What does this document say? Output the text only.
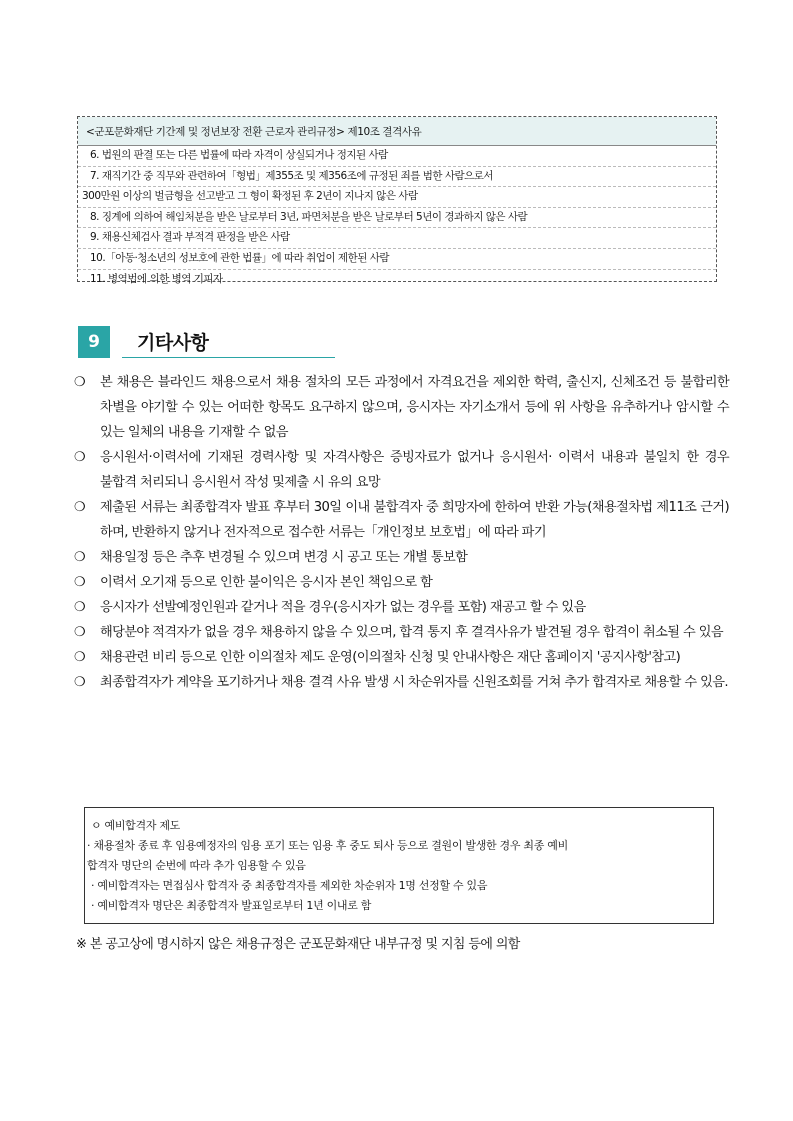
<군포문화재단 기간제 및 정년보장 전환 근로자 관리규정> 제10조 결격사유
6. 법원의 판결 또는 다른 법률에 따라 자격이 상실되거나 정지된 사람
7. 재직기간 중 직무와 관련하여「형법」제355조 및 제356조에 규정된 죄를 범한 사람으로서
300만원 이상의 벌금형을 선고받고 그 형이 확정된 후 2년이 지나지 않은 사람
8. 징계에 의하여 해임처분을 받은 날로부터 3년, 파면처분을 받은 날로부터 5년이 경과하지 않은 사람
9. 채용신체검사 결과 부적격 판정을 받은 사람
10.「아동·청소년의 성보호에 관한 법률」에 따라 취업이 제한된 사람
11. 병역법에 의한 병역 기피자
9	기타사항
❍	본 채용은 블라인드 채용으로서 채용 절차의 모든 과정에서 자격요건을 제외한 학력, 출신지, 신체조건 등 불합리한 차별을 야기할 수 있는 어떠한 항목도 요구하지 않으며, 응시자는 자기소개서 등에 위 사항을 유추하거나 암시할 수 있는 일체의 내용을 기재할 수 없음
❍	응시원서·이력서에 기재된 경력사항 및 자격사항은 증빙자료가 없거나 응시원서· 이력서 내용과 불일치 한 경우 불합격 처리되니 응시원서 작성 및제출 시 유의 요망
❍	제출된 서류는 최종합격자 발표 후부터 30일 이내 불합격자 중 희망자에 한하여 반환 가능(채용절차법 제11조 근거)하며, 반환하지 않거나 전자적으로 접수한 서류는「개인정보 보호법」에 따라 파기
❍	채용일정 등은 추후 변경될 수 있으며 변경 시 공고 또는 개별 통보함
❍	이력서 오기재 등으로 인한 불이익은 응시자 본인 책임으로 함
❍	응시자가 선발예정인원과 같거나 적을 경우(응시자가 없는 경우를 포함) 재공고 할 수 있음
❍	해당분야 적격자가 없을 경우 채용하지 않을 수 있으며, 합격 통지 후 결격사유가 발견될 경우 합격이 취소될 수 있음
❍	채용관련 비리 등으로 인한 이의절차 제도 운영(이의절차 신청 및 안내사항은 재단 홈페이지 '공지사항'참고)
❍	최종합격자가 계약을 포기하거나 채용 결격 사유 발생 시 차순위자를 신원조회를 거쳐 추가 합격자로 채용할 수 있음.
ㅇ 예비합격자 제도
· 채용절차 종료 후 임용예정자의 임용 포기 또는 임용 후 중도 퇴사 등으로 결원이 발생한 경우 최종 예비
합격자 명단의 순번에 따라 추가 임용할 수 있음
· 예비합격자는 면접심사 합격자 중 최종합격자를 제외한 차순위자 1명 선정할 수 있음
· 예비합격자 명단은 최종합격자 발표일로부터 1년 이내로 함
※ 본 공고상에 명시하지 않은 채용규정은 군포문화재단 내부규정 및 지침 등에 의함
